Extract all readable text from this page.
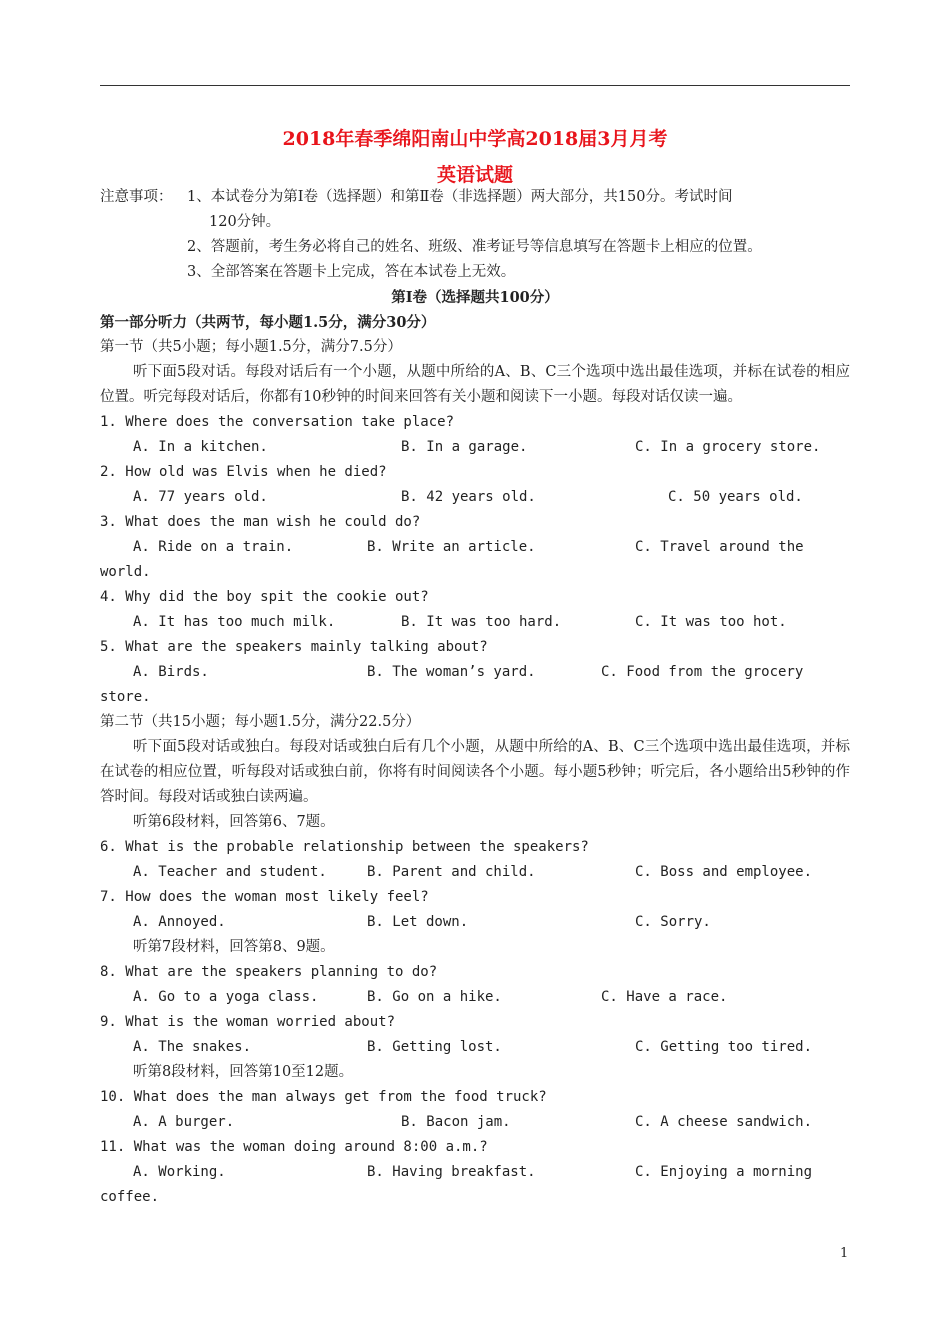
2018年春季绵阳南山中学高2018届3月月考
英语试题
注意事项：	1、本试卷分为第Ⅰ卷（选择题）和第Ⅱ卷（非选择题）两大部分，共150分。考试时间
120分钟。
2、答题前，考生务必将自己的姓名、班级、准考证号等信息填写在答题卡上相应的位置。
3、全部答案在答题卡上完成，答在本试卷上无效。
第Ⅰ卷（选择题共100分）
第一部分听力（共两节，每小题1.5分，满分30分）
第一节（共5小题；每小题1.5分，满分7.5分）
听下面5段对话。每段对话后有一个小题，从题中所给的A、B、C三个选项中选出最佳选项，并标在试卷的相应位置。听完每段对话后，你都有10秒钟的时间来回答有关小题和阅读下一小题。每段对话仅读一遍。
1. Where does the conversation take place?
A. In a kitchen.	B. In a garage.	C. In a grocery store.
2. How old was Elvis when he died?
A. 77 years old.	B. 42 years old.	C. 50 years old.
3. What does the man wish he could do?
A. Ride on a train.	B. Write an article.	C. Travel around the
world.
4. Why did the boy spit the cookie out?
A. It has too much milk.	B. It was too hard.	C. It was too hot.
5. What are the speakers mainly talking about?
A. Birds.	B. The woman’s yard.	C. Food from the grocery
store.
第二节（共15小题；每小题1.5分，满分22.5分）
听下面5段对话或独白。每段对话或独白后有几个小题，从题中所给的A、B、C三个选项中选出最佳选项，并标在试卷的相应位置，听每段对话或独白前，你将有时间阅读各个小题。每小题5秒钟；听完后，各小题给出5秒钟的作答时间。每段对话或独白读两遍。
听第6段材料，回答第6、7题。
6. What is the probable relationship between the speakers?
A. Teacher and student.	B. Parent and child.	C. Boss and employee.
7. How does the woman most likely feel?
A. Annoyed.	B. Let down.	C. Sorry.
听第7段材料，回答第8、9题。
8. What are the speakers planning to do?
A. Go to a yoga class.	B. Go on a hike.	C. Have a race.
9. What is the woman worried about?
A. The snakes.	B. Getting lost.	C. Getting too tired.
听第8段材料，回答第10至12题。
10. What does the man always get from the food truck?
A. A burger.	B. Bacon jam.	C. A cheese sandwich.
11. What was the woman doing around 8:00 a.m.?
A. Working.	B. Having breakfast.	C. Enjoying a morning
coffee.
1
